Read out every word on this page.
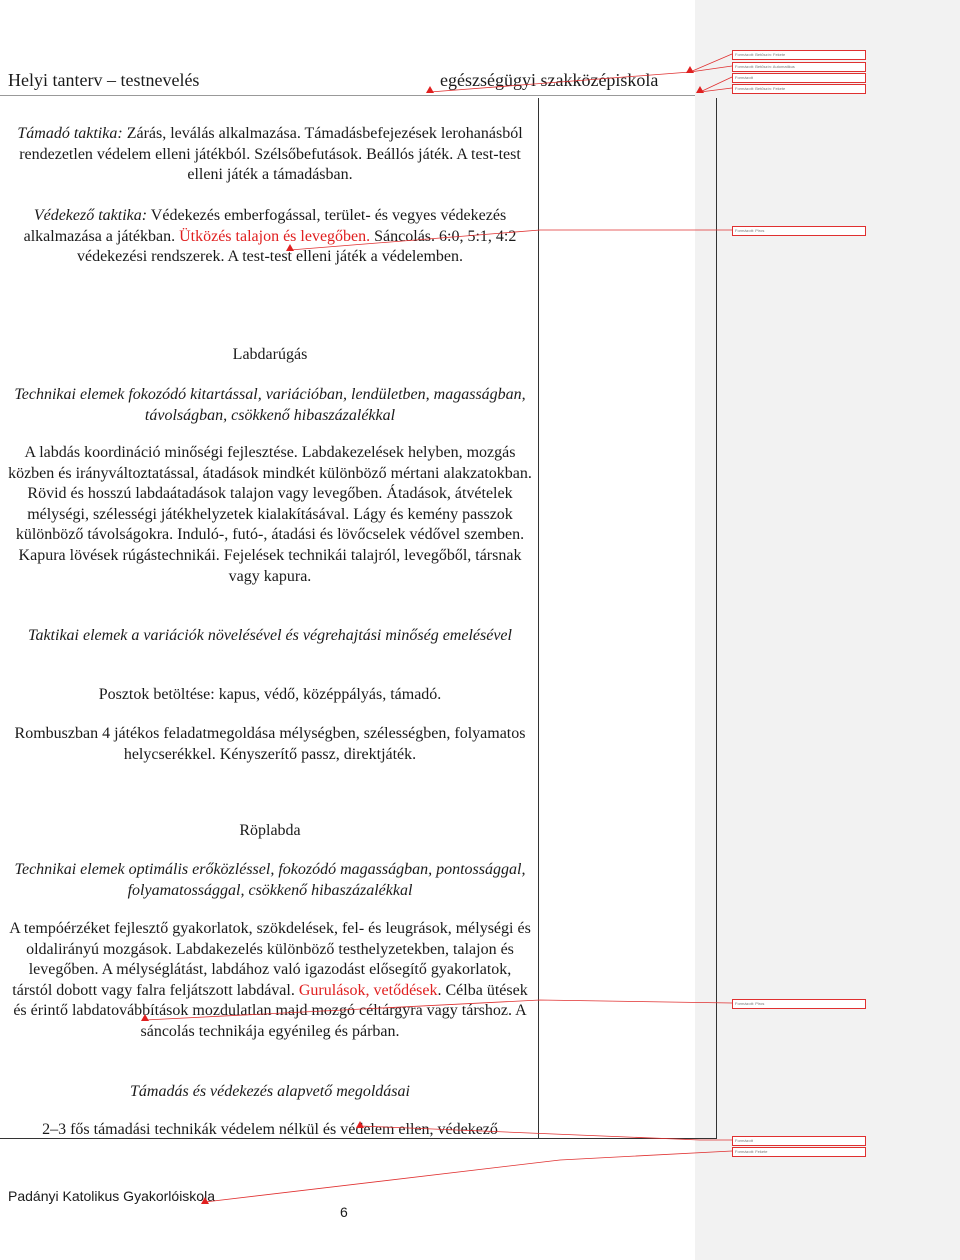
Helyi tanterv – testnevelés	egészségügyi szakközépiskola
Támadó taktika: Zárás, leválás alkalmazása. Támadásbefejezések lerohanásból rendezetlen védelem elleni játékból. Szélsőbefutások. Beállós játék. A test-test elleni játék a támadásban.
Védekező taktika: Védekezés emberfogással, terület- és vegyes védekezés alkalmazása a játékban. Ütközés talajon és levegőben. Sáncolás. 6:0, 5:1, 4:2 védekezési rendszerek. A test-test elleni játék a védelemben.
Labdarúgás
Technikai elemek fokozódó kitartással, variációban, lendületben, magasságban, távolságban, csökkenő hibaszázalékkal
A labdás koordináció minőségi fejlesztése. Labdakezelések helyben, mozgás közben és irányváltoztatással, átadások mindkét különböző mértani alakzatokban. Rövid és hosszú labdaátadások talajon vagy levegőben. Átadások, átvételek mélységi, szélességi játékhelyzetek kialakításával. Lágy és kemény passzok különböző távolságokra. Induló-, futó-, átadási és lövőcselek védővel szemben. Kapura lövések rúgástechnikái. Fejelések technikái talajról, levegőből, társnak vagy kapura.
Taktikai elemek a variációk növelésével és végrehajtási minőség emelésével
Posztok betöltése: kapus, védő, középpályás, támadó.
Rombuszban 4 játékos feladatmegoldása mélységben, szélességben, folyamatos helycserékkel. Kényszerítő passz, direktjáték.
Röplabda
Technikai elemek optimális erőközléssel, fokozódó magasságban, pontossággal, folyamatossággal, csökkenő hibaszázalékkal
A tempóérzéket fejlesztő gyakorlatok, szökdelések, fel- és leugrások, mélységi és oldalirányú mozgások. Labdakezelés különböző testhelyzetekben, talajon és levegőben. A mélységlátást, labdához való igazodást elősegítő gyakorlatok, társtól dobott vagy falra feljátszott labdával. Gurulások, vetődések. Célba ütések és érintő labdatovábbítások mozdulatlan majd mozgó céltárgyra vagy társhoz. A sáncolás technikája egyénileg és párban.
Támadás és védekezés alapvető megoldásai
2–3 fős támadási technikák védelem nélkül és védelem ellen, védekező
Padányi Katolikus Gyakorlóiskola
6
Formázott: Betűszín: Fekete
Formázott: Betűszín: Automatikus
Formázott
Formázott: Betűszín: Fekete
Formázott: Piros
Formázott: Piros
Formázott
Formázott: Fekete
